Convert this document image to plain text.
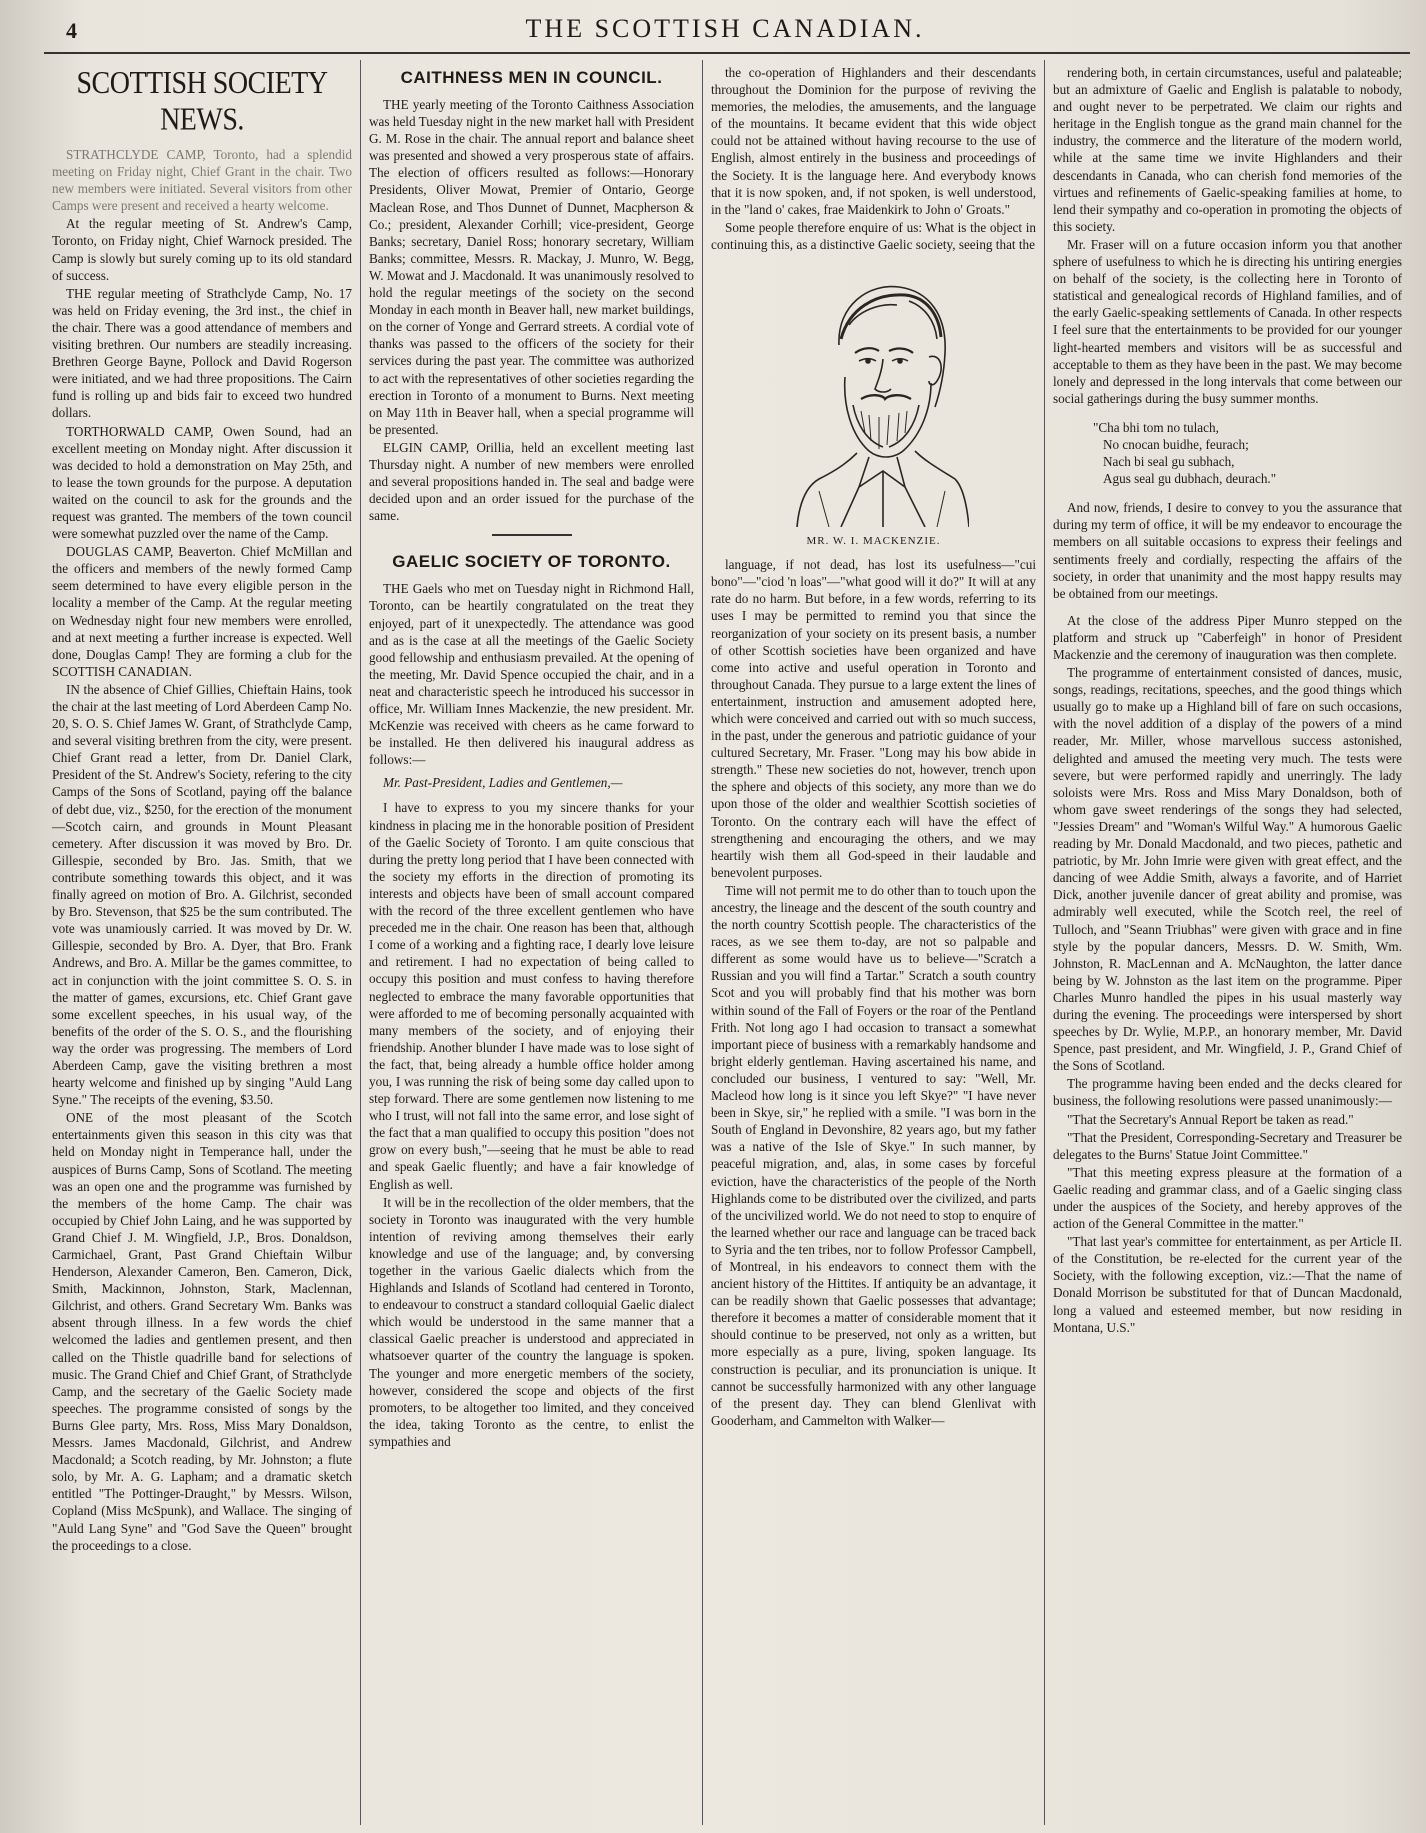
4	THE SCOTTISH CANADIAN.
SCOTTISH SOCIETY NEWS.

STRATHCLYDE CAMP, Toronto, had a splendid meeting on Friday night, Chief Grant in the chair. Two new members were initiated. Several visitors from other Camps were present and received a hearty welcome.

At the regular meeting of St. Andrew's Camp, Toronto, on Friday night, Chief Warnock presided. The Camp is slowly but surely coming up to its old standard of success.

THE regular meeting of Strathclyde Camp, No. 17 was held on Friday evening, the 3rd inst., the chief in the chair. There was a good attendance of members and visiting brethren. Our numbers are steadily increasing. Brethren George Bayne, Pollock and David Rogerson were initiated, and we had three propositions. The Cairn fund is rolling up and bids fair to exceed two hundred dollars.

TORTHORWALD CAMP, Owen Sound, had an excellent meeting on Monday night. After discussion it was decided to hold a demonstration on May 25th, and to lease the town grounds for the purpose. A deputation waited on the council to ask for the grounds and the request was granted. The members of the town council were somewhat puzzled over the name of the Camp.

DOUGLAS CAMP, Beaverton. Chief McMillan and the officers and members of the newly formed Camp seem determined to have every eligible person in the locality a member of the Camp. At the regular meeting on Wednesday night four new members were enrolled, and at next meeting a further increase is expected. Well done, Douglas Camp! They are forming a club for the SCOTTISH CANADIAN.

IN the absence of Chief Gillies, Chieftain Hains, took the chair at the last meeting of Lord Aberdeen Camp No. 20, S. O. S. Chief James W. Grant, of Strathclyde Camp, and several visiting brethren from the city, were present. Chief Grant read a letter, from Dr. Daniel Clark, President of the St. Andrew's Society, refering to the city Camps of the Sons of Scotland, paying off the balance of debt due, viz., $250, for the erection of the monument—Scotch cairn, and grounds in Mount Pleasant cemetery. After discussion it was moved by Bro. Dr. Gillespie, seconded by Bro. Jas. Smith, that we contribute something towards this object, and it was finally agreed on motion of Bro. A. Gilchrist, seconded by Bro. Stevenson, that $25 be the sum contributed. The vote was unamiously carried. It was moved by Dr. W. Gillespie, seconded by Bro. A. Dyer, that Bro. Frank Andrews, and Bro. A. Millar be the games committee, to act in conjunction with the joint committee S. O. S. in the matter of games, excursions, etc. Chief Grant gave some excellent speeches, in his usual way, of the benefits of the order of the S. O. S., and the flourishing way the order was progressing. The members of Lord Aberdeen Camp, gave the visiting brethren a most hearty welcome and finished up by singing "Auld Lang Syne." The receipts of the evening, $3.50.

ONE of the most pleasant of the Scotch entertainments given this season in this city was that held on Monday night in Temperance hall, under the auspices of Burns Camp, Sons of Scotland. The meeting was an open one and the programme was furnished by the members of the home Camp. The chair was occupied by Chief John Laing, and he was supported by Grand Chief J. M. Wingfield, J.P., Bros. Donaldson, Carmichael, Grant, Past Grand Chieftain Wilbur Henderson, Alexander Cameron, Ben. Cameron, Dick, Smith, Mackinnon, Johnston, Stark, Maclennan, Gilchrist, and others. Grand Secretary Wm. Banks was absent through illness. In a few words the chief welcomed the ladies and gentlemen present, and then called on the Thistle quadrille band for selections of music. The Grand Chief and Chief Grant, of Strathclyde Camp, and the secretary of the Gaelic Society made speeches. The programme consisted of songs by the Burns Glee party, Mrs. Ross, Miss Mary Donaldson, Messrs. James Macdonald, Gilchrist, and Andrew Macdonald; a Scotch reading, by Mr. Johnston; a flute solo, by Mr. A. G. Lapham; and a dramatic sketch entitled "The Pottinger-Draught," by Messrs. Wilson, Copland (Miss McSpunk), and Wallace. The singing of "Auld Lang Syne" and "God Save the Queen" brought the proceedings to a close.

CAITHNESS MEN IN COUNCIL.

THE yearly meeting of the Toronto Caithness Association was held Tuesday night in the new market hall with President G. M. Rose in the chair. The annual report and balance sheet was presented and showed a very prosperous state of affairs. The election of officers resulted as follows:—Honorary Presidents, Oliver Mowat, Premier of Ontario, George Maclean Rose, and Thos Dunnet of Dunnet, Macpherson & Co.; president, Alexander Corhill; vice-president, George Banks; secretary, Daniel Ross; honorary secretary, William Banks; committee, Messrs. R. Mackay, J. Munro, W. Begg, W. Mowat and J. Macdonald. It was unanimously resolved to hold the regular meetings of the society on the second Monday in each month in Beaver hall, new market buildings, on the corner of Yonge and Gerrard streets. A cordial vote of thanks was passed to the officers of the society for their services during the past year. The committee was authorized to act with the representatives of other societies regarding the erection in Toronto of a monument to Burns. Next meeting on May 11th in Beaver hall, when a special programme will be presented.

ELGIN CAMP, Orillia, held an excellent meeting last Thursday night. A number of new members were enrolled and several propositions handed in. The seal and badge were decided upon and an order issued for the purchase of the same.

GAELIC SOCIETY OF TORONTO.

THE Gaels who met on Tuesday night in Richmond Hall, Toronto, can be heartily congratulated on the treat they enjoyed, part of it unexpectedly. The attendance was good and as is the case at all the meetings of the Gaelic Society good fellowship and enthusiasm prevailed. At the opening of the meeting, Mr. David Spence occupied the chair, and in a neat and characteristic speech he introduced his successor in office, Mr. William Innes Mackenzie, the new president. Mr. McKenzie was received with cheers as he came forward to be installed. He then delivered his inaugural address as follows:—

Mr. Past-President, Ladies and Gentlemen,—

I have to express to you my sincere thanks for your kindness in placing me in the honorable position of President of the Gaelic Society of Toronto. I am quite conscious that during the pretty long period that I have been connected with the society my efforts in the direction of promoting its interests and objects have been of small account compared with the record of the three excellent gentlemen who have preceded me in the chair. One reason has been that, although I come of a working and a fighting race, I dearly love leisure and retirement. I had no expectation of being called to occupy this position and must confess to having therefore neglected to embrace the many favorable opportunities that were afforded to me of becoming personally acquainted with many members of the society, and of enjoying their friendship. Another blunder I have made was to lose sight of the fact, that, being already a humble office holder among you, I was running the risk of being some day called upon to step forward. There are some gentlemen now listening to me who I trust, will not fall into the same error, and lose sight of the fact that a man qualified to occupy this position "does not grow on every bush,"—seeing that he must be able to read and speak Gaelic fluently; and have a fair knowledge of English as well.

It will be in the recollection of the older members, that the society in Toronto was inaugurated with the very humble intention of reviving among themselves their early knowledge and use of the language; and, by conversing together in the various Gaelic dialects which from the Highlands and Islands of Scotland had centered in Toronto, to endeavour to construct a standard colloquial Gaelic dialect which would be understood in the same manner that a classical Gaelic preacher is understood and appreciated in whatsoever quarter of the country the language is spoken. The younger and more energetic members of the society, however, considered the scope and objects of the first promoters, to be altogether too limited, and they conceived the idea, taking Toronto as the centre, to enlist the sympathies and

the co-operation of Highlanders and their descendants throughout the Dominion for the purpose of reviving the memories, the melodies, the amusements, and the language of the mountains. It became evident that this wide object could not be attained without having recourse to the use of English, almost entirely in the business and proceedings of the Society. It is the language here. And everybody knows that it is now spoken, and, if not spoken, is well understood, in the "land o' cakes, frae Maidenkirk to John o' Groats."

Some people therefore enquire of us: What is the object in continuing this, as a distinctive Gaelic society, seeing that the

MR. W. I. MACKENZIE.

language, if not dead, has lost its usefulness—"cui bono"—"ciod 'n loas"—"what good will it do?" It will at any rate do no harm. But before, in a few words, referring to its uses I may be permitted to remind you that since the reorganization of your society on its present basis, a number of other Scottish societies have been organized and have come into active and useful operation in Toronto and throughout Canada. They pursue to a large extent the lines of entertainment, instruction and amusement adopted here, which were conceived and carried out with so much success, in the past, under the generous and patriotic guidance of your cultured Secretary, Mr. Fraser. "Long may his bow abide in strength." These new societies do not, however, trench upon the sphere and objects of this society, any more than we do upon those of the older and wealthier Scottish societies of Toronto. On the contrary each will have the effect of strengthening and encouraging the others, and we may heartily wish them all God-speed in their laudable and benevolent purposes.

Time will not permit me to do other than to touch upon the ancestry, the lineage and the descent of the south country and the north country Scottish people. The characteristics of the races, as we see them to-day, are not so palpable and different as some would have us to believe—"Scratch a Russian and you will find a Tartar." Scratch a south country Scot and you will probably find that his mother was born within sound of the Fall of Foyers or the roar of the Pentland Frith. Not long ago I had occasion to transact a somewhat important piece of business with a remarkably handsome and bright elderly gentleman. Having ascertained his name, and concluded our business, I ventured to say: "Well, Mr. Macleod how long is it since you left Skye?" "I have never been in Skye, sir," he replied with a smile. "I was born in the South of England in Devonshire, 82 years ago, but my father was a native of the Isle of Skye." In such manner, by peaceful migration, and, alas, in some cases by forceful eviction, have the characteristics of the people of the North Highlands come to be distributed over the civilized, and parts of the uncivilized world. We do not need to stop to enquire of the learned whether our race and language can be traced back to Syria and the ten tribes, nor to follow Professor Campbell, of Montreal, in his endeavors to connect them with the ancient history of the Hittites. If antiquity be an advantage, it can be readily shown that Gaelic possesses that advantage; therefore it becomes a matter of considerable moment that it should continue to be preserved, not only as a written, but more especially as a pure, living, spoken language. Its construction is peculiar, and its pronunciation is unique. It cannot be successfully harmonized with any other language of the present day. They can blend Glenlivat with Gooderham, and Cammelton with Walker—

rendering both, in certain circumstances, useful and palateable; but an admixture of Gaelic and English is palatable to nobody, and ought never to be perpetrated. We claim our rights and heritage in the English tongue as the grand main channel for the industry, the commerce and the literature of the modern world, while at the same time we invite Highlanders and their descendants in Canada, who can cherish fond memories of the virtues and refinements of Gaelic-speaking families at home, to lend their sympathy and co-operation in promoting the objects of this society.

Mr. Fraser will on a future occasion inform you that another sphere of usefulness to which he is directing his untiring energies on behalf of the society, is the collecting here in Toronto of statistical and genealogical records of Highland families, and of the early Gaelic-speaking settlements of Canada. In other respects I feel sure that the entertainments to be provided for our younger light-hearted members and visitors will be as successful and acceptable to them as they have been in the past. We may become lonely and depressed in the long intervals that come between our social gatherings during the busy summer months.

"Cha bhi tom no tulach,
No cnocan buidhe, feurach;
Nach bi seal gu subhach,
Agus seal gu dubhach, deurach."

And now, friends, I desire to convey to you the assurance that during my term of office, it will be my endeavor to encourage the members on all suitable occasions to express their feelings and sentiments freely and cordially, respecting the affairs of the society, in order that unanimity and the most happy results may be obtained from our meetings.

At the close of the address Piper Munro stepped on the platform and struck up "Caberfeigh" in honor of President Mackenzie and the ceremony of inauguration was then complete.

The programme of entertainment consisted of dances, music, songs, readings, recitations, speeches, and the good things which usually go to make up a Highland bill of fare on such occasions, with the novel addition of a display of the powers of a mind reader, Mr. Miller, whose marvellous success astonished, delighted and amused the meeting very much. The tests were severe, but were performed rapidly and unerringly. The lady soloists were Mrs. Ross and Miss Mary Donaldson, both of whom gave sweet renderings of the songs they had selected, "Jessies Dream" and "Woman's Wilful Way." A humorous Gaelic reading by Mr. Donald Macdonald, and two pieces, pathetic and patriotic, by Mr. John Imrie were given with great effect, and the dancing of wee Addie Smith, always a favorite, and of Harriet Dick, another juvenile dancer of great ability and promise, was admirably well executed, while the Scotch reel, the reel of Tulloch, and "Seann Triubhas" were given with grace and in fine style by the popular dancers, Messrs. D. W. Smith, Wm. Johnston, R. MacLennan and A. McNaughton, the latter dance being by W. Johnston as the last item on the programme. Piper Charles Munro handled the pipes in his usual masterly way during the evening. The proceedings were interspersed by short speeches by Dr. Wylie, M.P.P., an honorary member, Mr. David Spence, past president, and Mr. Wingfield, J. P., Grand Chief of the Sons of Scotland.

The programme having been ended and the decks cleared for business, the following resolutions were passed unanimously:—

"That the Secretary's Annual Report be taken as read."

"That the President, Corresponding-Secretary and Treasurer be delegates to the Burns' Statue Joint Committee."

"That this meeting express pleasure at the formation of a Gaelic reading and grammar class, and of a Gaelic singing class under the auspices of the Society, and hereby approves of the action of the General Committee in the matter."

"That last year's committee for entertainment, as per Article II. of the Constitution, be re-elected for the current year of the Society, with the following exception, viz.:—That the name of Donald Morrison be substituted for that of Duncan Macdonald, long a valued and esteemed member, but now residing in Montana, U.S."
